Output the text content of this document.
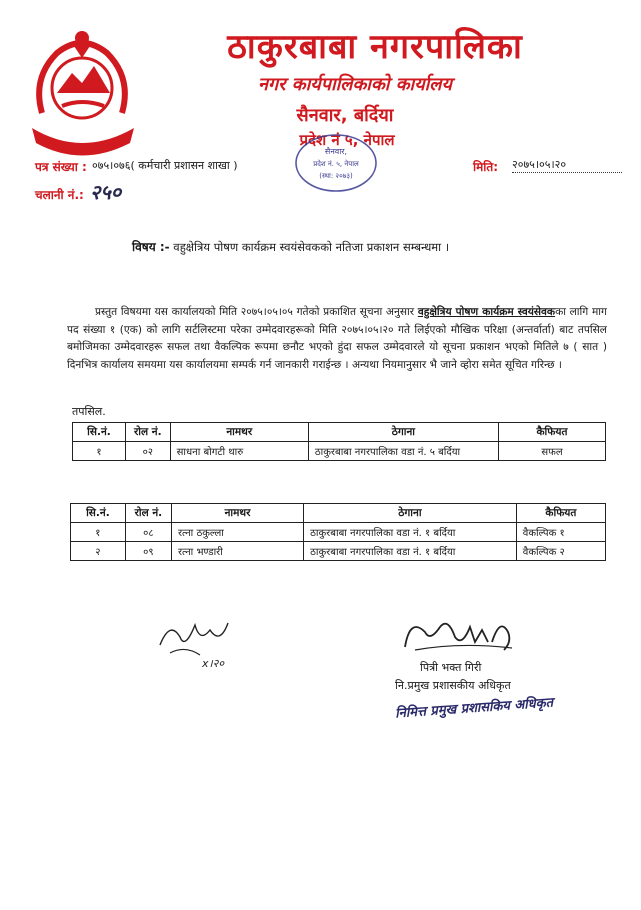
ठाकुरबाबा नगरपालिका
नगर कार्यपालिकाको कार्यालय
सैनवार, बर्दिया
प्रदेश नं ५, नेपाल
सैनवार,
प्रदेश नं. ५, नेपाल
(स्था: २०७३)
पत्र संख्या : ०७५।०७६( कर्मचारी प्रशासन शाखा )	मिति: २०७५।०५।२०
चलानी नं.: २५०
विषय :- वहुक्षेत्रिय पोषण कार्यक्रम स्वयंसेवकको नतिजा प्रकाशन सम्बन्धमा ।
प्रस्तुत विषयमा यस कार्यालयको मिति २०७५।०५।०५ गतेको प्रकाशित सूचना अनुसार वहुक्षेत्रिय पोषण कार्यक्रम स्वयंसेवकका लागि माग पद संख्या १ (एक) को लागि सर्टलिस्टमा परेका उम्मेदवारहरूको मिति २०७५।०५।२० गते लिईएको मौखिक परिक्षा (अन्तर्वार्ता) बाट तपसिल बमोजिमका उम्मेदवारहरू सफल तथा वैकल्पिक रूपमा छनौट भएको हुंदा सफल उम्मेदवारले यो सूचना प्रकाशन भएको मितिले ७ ( सात ) दिनभित्र कार्यालय समयमा यस कार्यालयमा सम्पर्क गर्न जानकारी गराईन्छ । अन्यथा नियमानुसार भै जाने व्होरा समेत सूचित गरिन्छ ।
तपसिल.
सि.नं.	रोल नं.	नामथर	ठेगाना	कैफियत
१	०२	साधना बोगटी थारु	ठाकुरबाबा नगरपालिका वडा नं. ५ बर्दिया	सफल
सि.नं.	रोल नं.	नामथर	ठेगाना	कैफियत
१	०८	रत्ना ठकुल्ला	ठाकुरबाबा नगरपालिका वडा नं. १ बर्दिया	वैकल्पिक १
२	०९	रत्ना भण्डारी	ठाकुरबाबा नगरपालिका वडा नं. १ बर्दिया	वैकल्पिक २
x।२०	पित्री भक्त गिरी
नि.प्रमुख प्रशासकीय अधिकृत
निमित्त प्रमुख प्रशासकिय अधिकृत
